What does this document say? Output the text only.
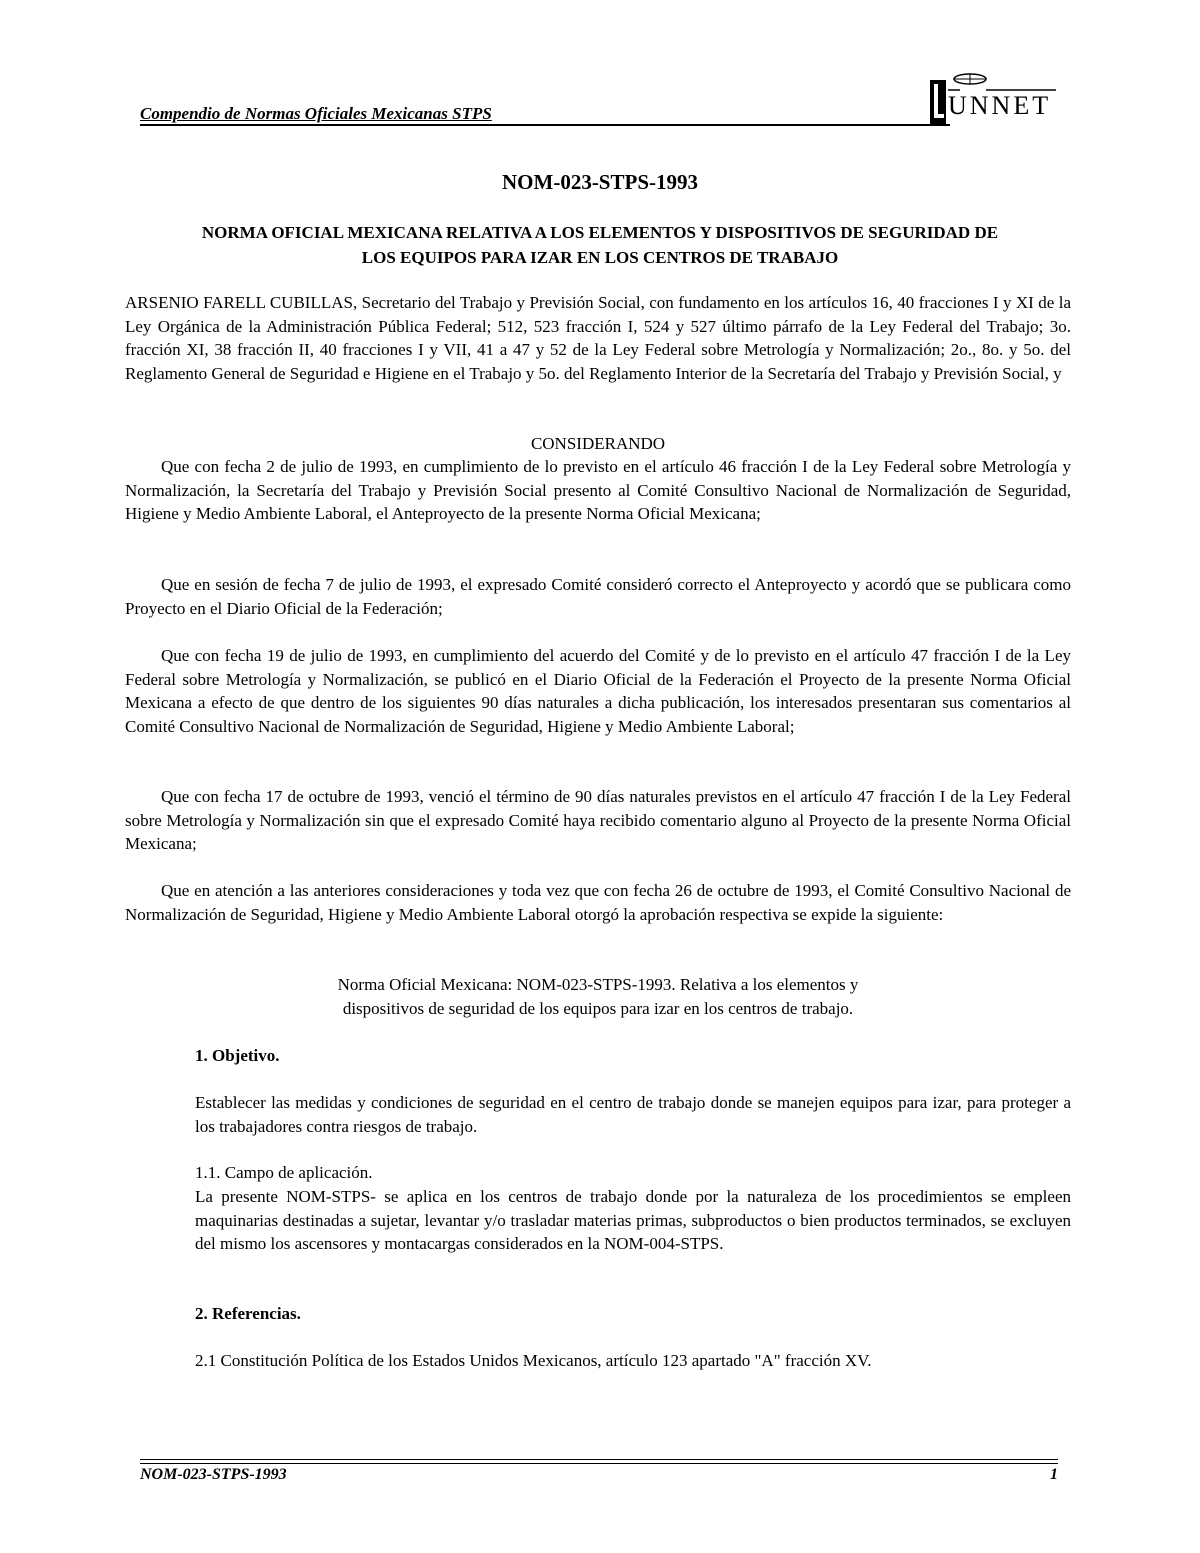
Compendio de Normas Oficiales Mexicanas STPS	UNNET
NOM-023-STPS-1993
NORMA OFICIAL MEXICANA RELATIVA A LOS ELEMENTOS Y DISPOSITIVOS DE SEGURIDAD DE LOS EQUIPOS PARA IZAR EN LOS CENTROS DE TRABAJO
ARSENIO FARELL CUBILLAS, Secretario del Trabajo y Previsión Social, con fundamento en los artículos 16, 40 fracciones I y XI de la Ley Orgánica de la Administración Pública Federal; 512, 523 fracción I, 524 y 527 último párrafo de la Ley Federal del Trabajo; 3o. fracción XI, 38 fracción II, 40 fracciones I y VII, 41 a 47 y 52 de la Ley Federal sobre Metrología y Normalización; 2o., 8o. y 5o. del Reglamento General de Seguridad e Higiene en el Trabajo y 5o. del Reglamento Interior de la Secretaría del Trabajo y Previsión Social, y
CONSIDERANDO
Que con fecha 2 de julio de 1993, en cumplimiento de lo previsto en el artículo 46 fracción I de la Ley Federal sobre Metrología y Normalización, la Secretaría del Trabajo y Previsión Social presento al Comité Consultivo Nacional de Normalización de Seguridad, Higiene y Medio Ambiente Laboral, el Anteproyecto de la presente Norma Oficial Mexicana;
Que en sesión de fecha 7 de julio de 1993, el expresado Comité consideró correcto el Anteproyecto y acordó que se publicara como Proyecto en el Diario Oficial de la Federación;
Que con fecha 19 de julio de 1993, en cumplimiento del acuerdo del Comité y de lo previsto en el artículo 47 fracción I de la Ley Federal sobre Metrología y Normalización, se publicó en el Diario Oficial de la Federación el Proyecto de la presente Norma Oficial Mexicana a efecto de que dentro de los siguientes 90 días naturales a dicha publicación, los interesados presentaran sus comentarios al Comité Consultivo Nacional de Normalización de Seguridad, Higiene y Medio Ambiente Laboral;
Que con fecha 17 de octubre de 1993, venció el término de 90 días naturales previstos en el artículo 47 fracción I de la Ley Federal sobre Metrología y Normalización sin que el expresado Comité haya recibido comentario alguno al Proyecto de la presente Norma Oficial Mexicana;
Que en atención a las anteriores consideraciones y toda vez que con fecha 26 de octubre de 1993, el Comité Consultivo Nacional de Normalización de Seguridad, Higiene y Medio Ambiente Laboral otorgó la aprobación respectiva se expide la siguiente:
Norma Oficial Mexicana: NOM-023-STPS-1993. Relativa a los elementos y
dispositivos de seguridad de los equipos para izar en los centros de trabajo.
1. Objetivo.
Establecer las medidas y condiciones de seguridad en el centro de trabajo donde se manejen equipos para izar, para proteger a los trabajadores contra riesgos de trabajo.
1.1. Campo de aplicación.
La presente NOM-STPS- se aplica en los centros de trabajo donde por la naturaleza de los procedimientos se empleen maquinarias destinadas a sujetar, levantar y/o trasladar materias primas, subproductos o bien productos terminados, se excluyen del mismo los ascensores y montacargas considerados en la NOM-004-STPS.
2. Referencias.
2.1 Constitución Política de los Estados Unidos Mexicanos, artículo 123 apartado "A" fracción XV.
NOM-023-STPS-1993	1
